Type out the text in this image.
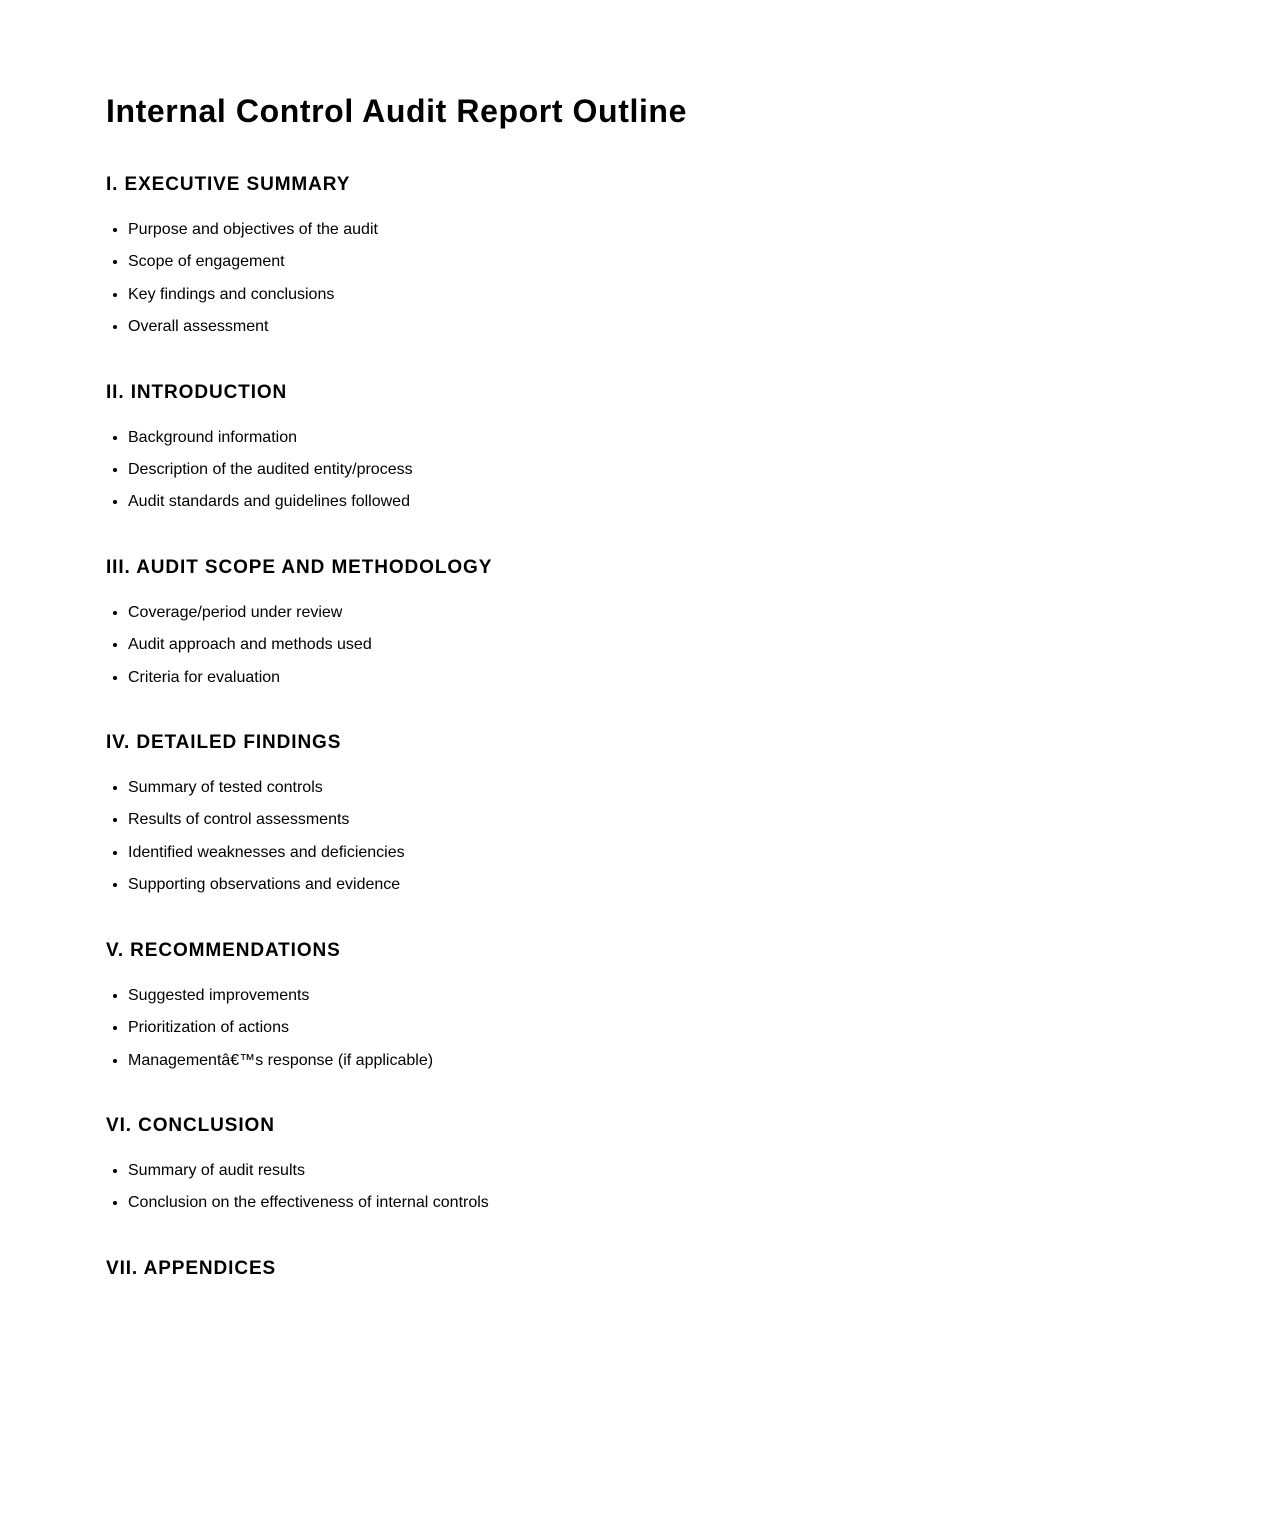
Internal Control Audit Report Outline
I. EXECUTIVE SUMMARY
• Purpose and objectives of the audit
• Scope of engagement
• Key findings and conclusions
• Overall assessment
II. INTRODUCTION
• Background information
• Description of the audited entity/process
• Audit standards and guidelines followed
III. AUDIT SCOPE AND METHODOLOGY
• Coverage/period under review
• Audit approach and methods used
• Criteria for evaluation
IV. DETAILED FINDINGS
• Summary of tested controls
• Results of control assessments
• Identified weaknesses and deficiencies
• Supporting observations and evidence
V. RECOMMENDATIONS
• Suggested improvements
• Prioritization of actions
• Managementâ€™s response (if applicable)
VI. CONCLUSION
• Summary of audit results
• Conclusion on the effectiveness of internal controls
VII. APPENDICES
